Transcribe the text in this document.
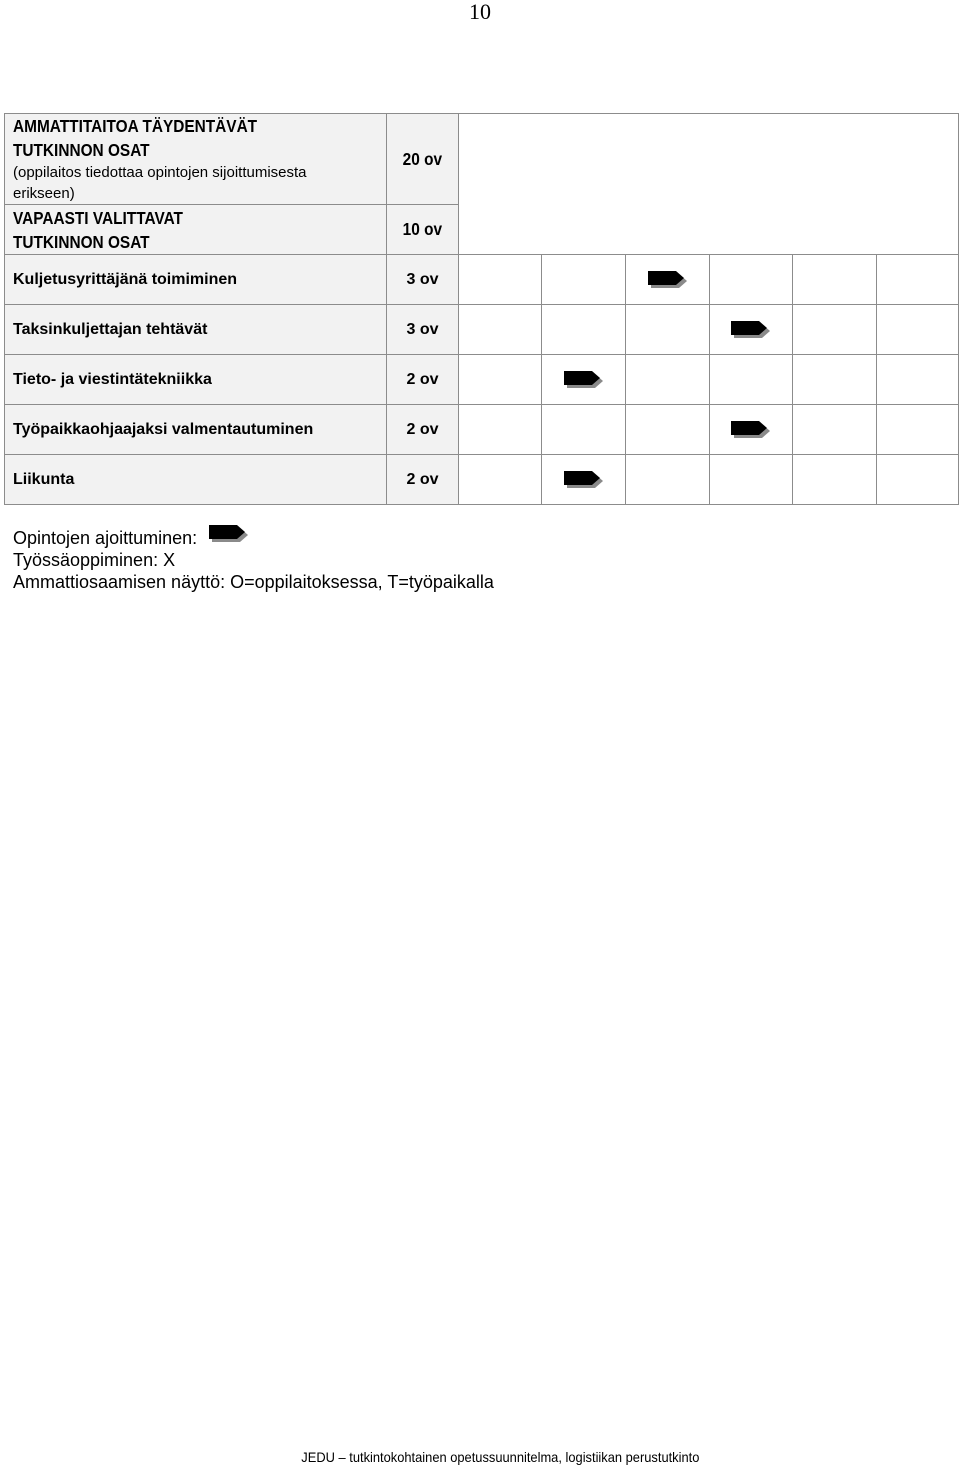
10
AMMATTITAITOA TÄYDENTÄVÄT
TUTKINNON OSAT
(oppilaitos tiedottaa opintojen sijoittumisesta
erikseen)	20 ov						

VAPAASTI VALITTAVAT
TUTKINNON OSAT	10 ov						
Kuljetusyrittäjänä toimiminen	3 ov						
Taksinkuljettajan tehtävät	3 ov						
Tieto- ja viestintätekniikka	2 ov						
Työpaikkaohjaajaksi valmentautuminen	2 ov						
Liikunta	2 ov						
Opintojen ajoittuminen:
Työssäoppiminen: X
Ammattiosaamisen näyttö: O=oppilaitoksessa, T=työpaikalla
JEDU – tutkintokohtainen opetussuunnitelma, logistiikan perustutkinto
